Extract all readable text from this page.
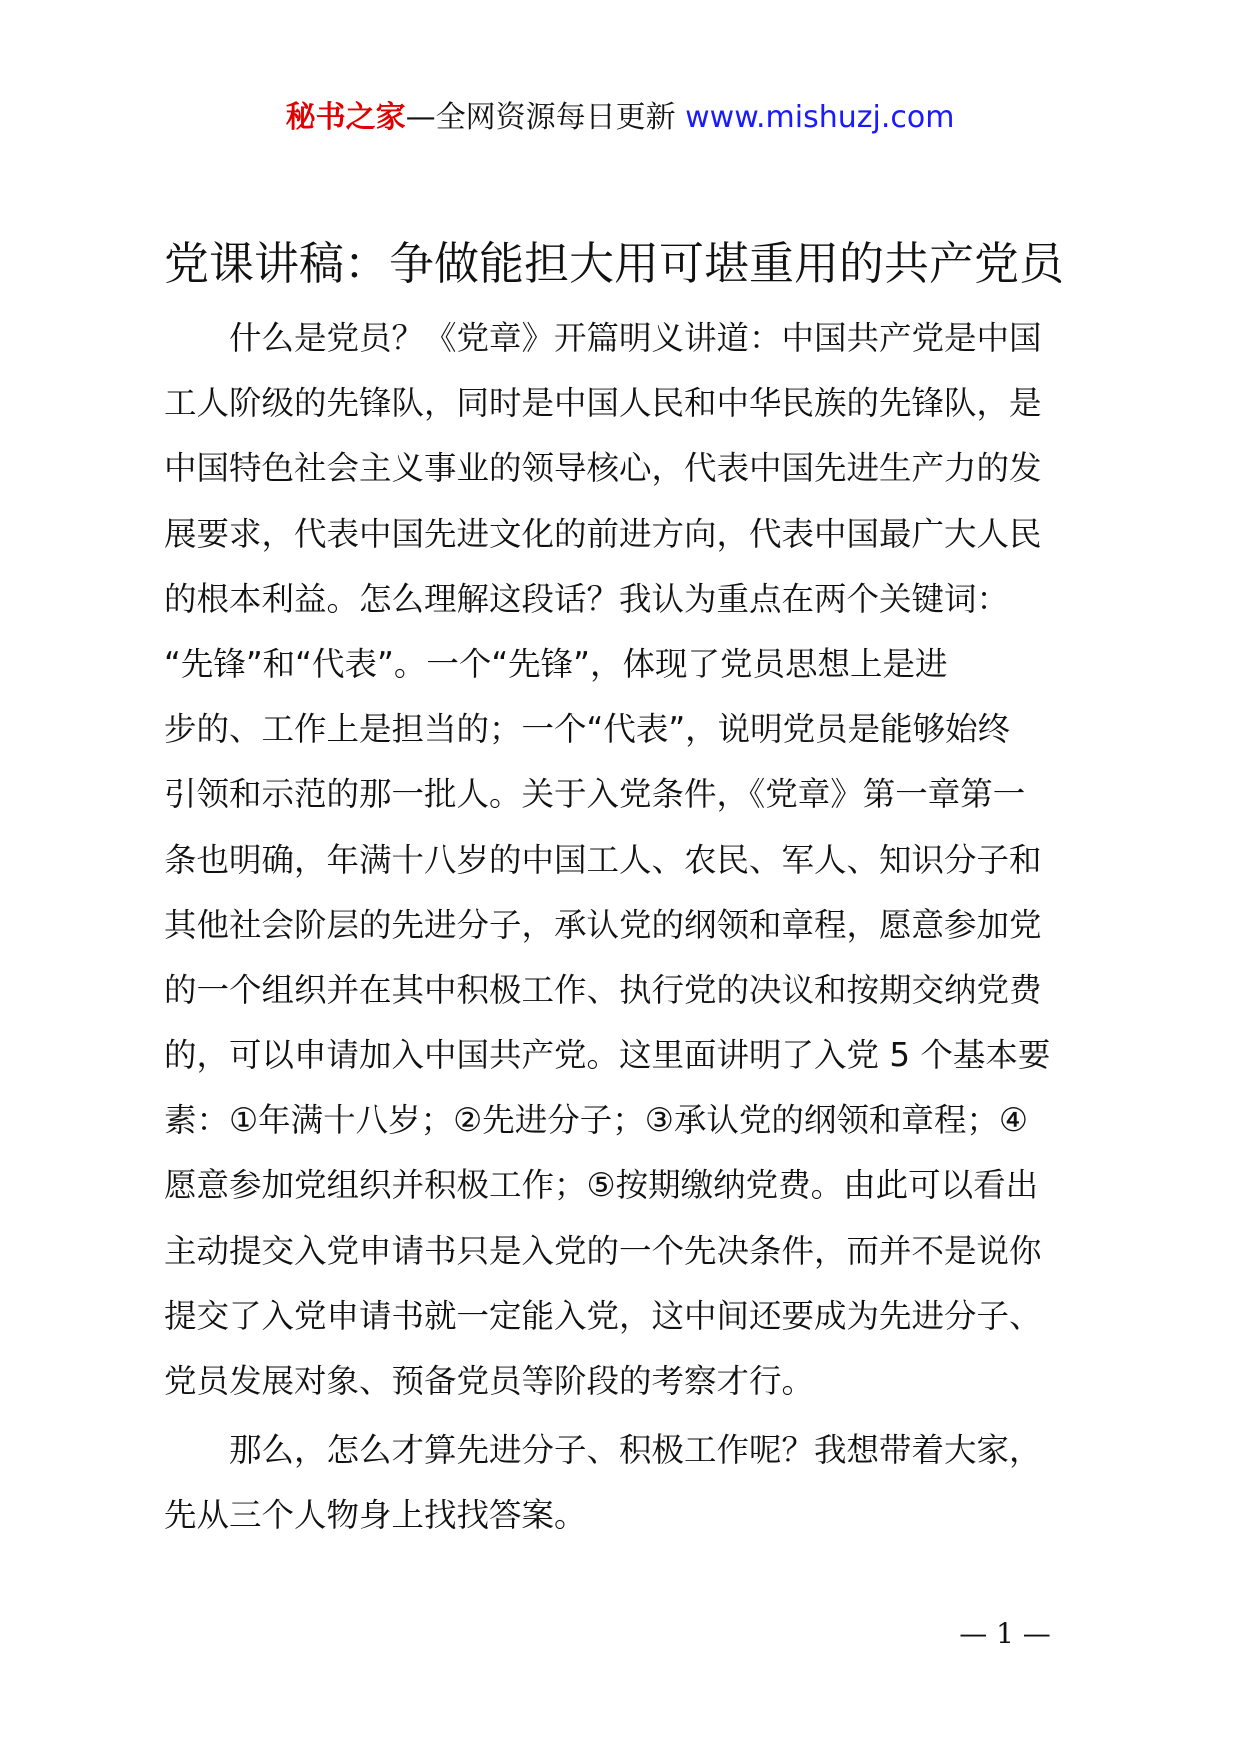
秘书之家—全网资源每日更新 www.mishuzj.com
党课讲稿：争做能担大用可堪重用的共产党员
　　什么是党员？《党章》开篇明义讲道：中国共产党是中国
工人阶级的先锋队，同时是中国人民和中华民族的先锋队，是
中国特色社会主义事业的领导核心，代表中国先进生产力的发
展要求，代表中国先进文化的前进方向，代表中国最广大人民
的根本利益。怎么理解这段话？我认为重点在两个关键词：
“先锋”和“代表”。一个“先锋”，体现了党员思想上是进
步的、工作上是担当的；一个“代表”，说明党员是能够始终
引领和示范的那一批人。关于入党条件，《党章》第一章第一
条也明确，年满十八岁的中国工人、农民、军人、知识分子和
其他社会阶层的先进分子，承认党的纲领和章程，愿意参加党
的一个组织并在其中积极工作、执行党的决议和按期交纳党费
的，可以申请加入中国共产党。这里面讲明了入党 5 个基本要
素：①年满十八岁；②先进分子；③承认党的纲领和章程；④
愿意参加党组织并积极工作；⑤按期缴纳党费。由此可以看出
主动提交入党申请书只是入党的一个先决条件，而并不是说你
提交了入党申请书就一定能入党，这中间还要成为先进分子、
党员发展对象、预备党员等阶段的考察才行。
　　那么，怎么才算先进分子、积极工作呢？我想带着大家，
先从三个人物身上找找答案。
— 1 —
